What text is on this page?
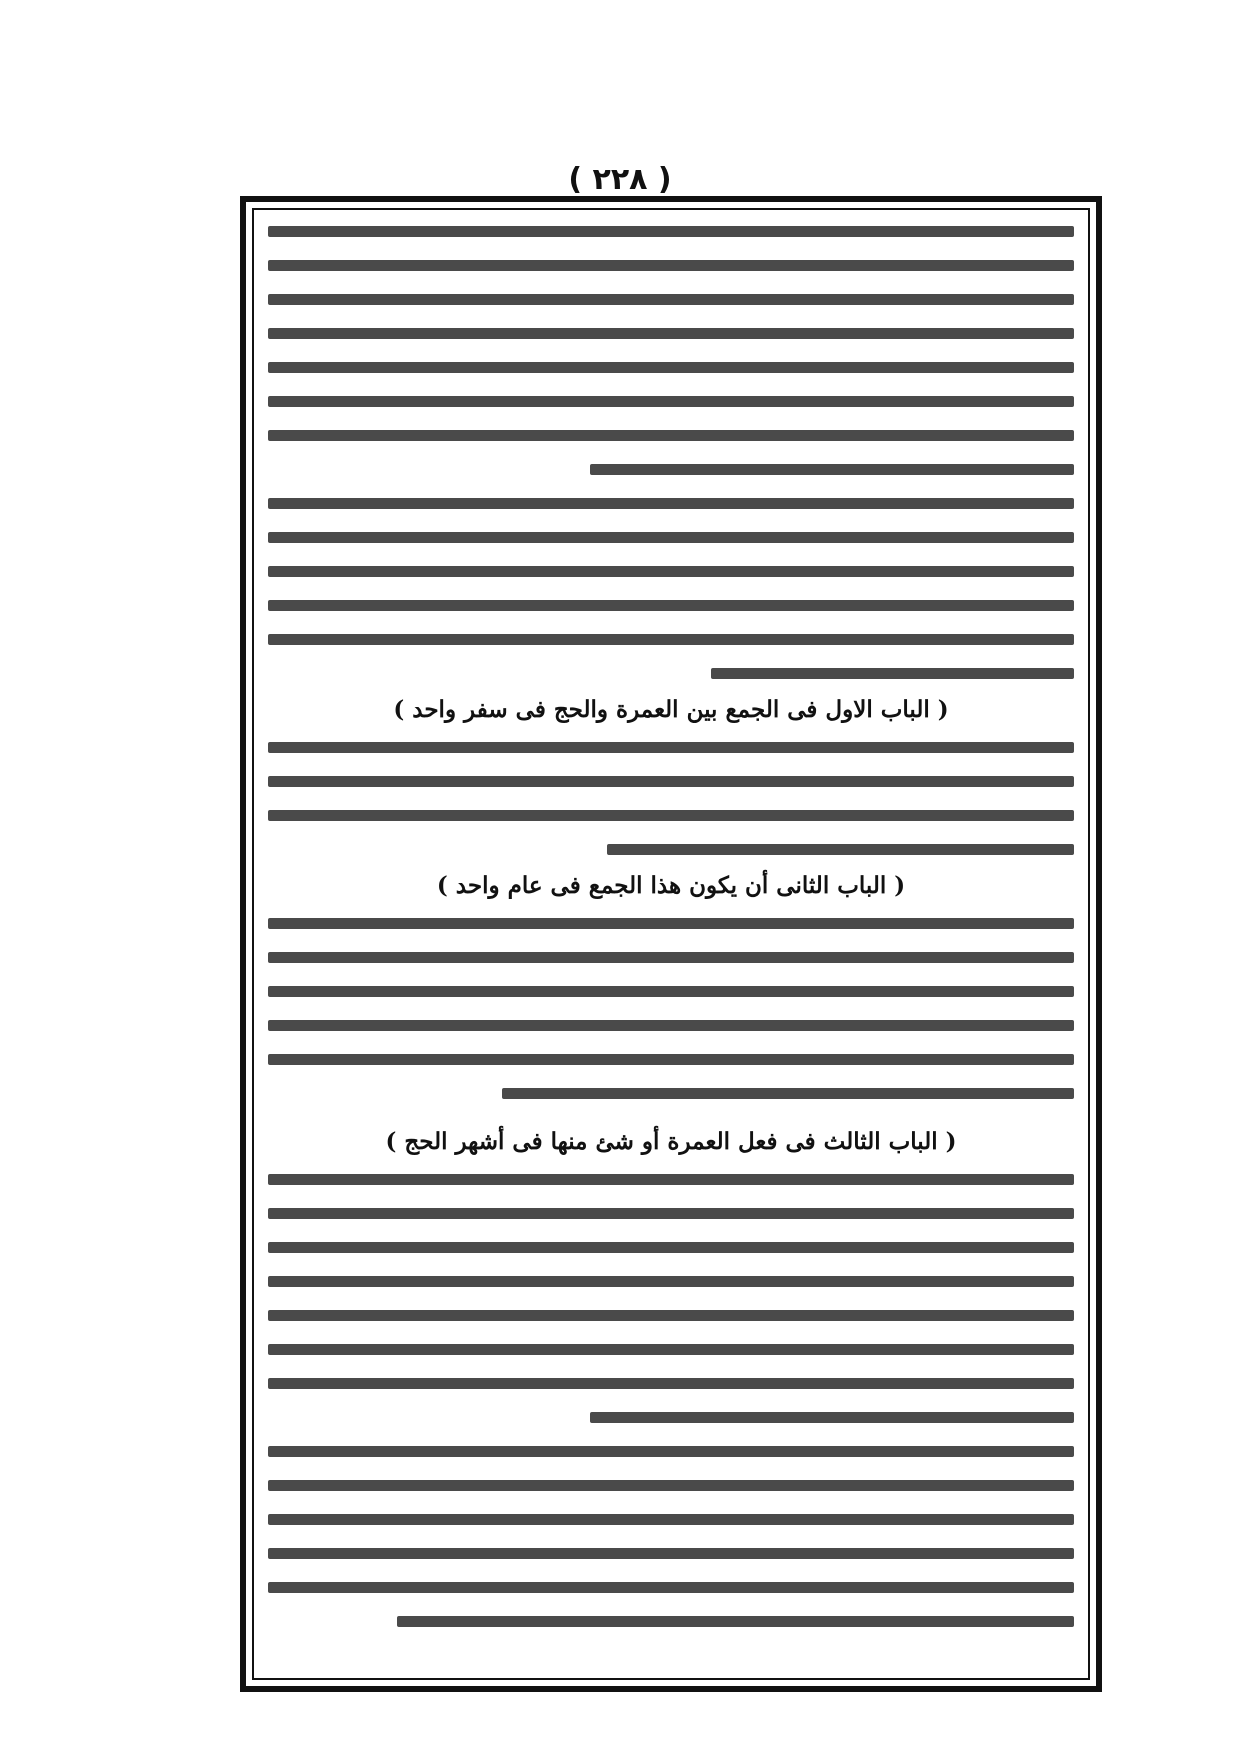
( ٢٢٨ )
( الباب الاول فى الجمع بين العمرة والحج فى سفر واحد )
( الباب الثانى أن يكون هذا الجمع فى عام واحد )
( الباب الثالث فى فعل العمرة أو شئ منها فى أشهر الحج )
